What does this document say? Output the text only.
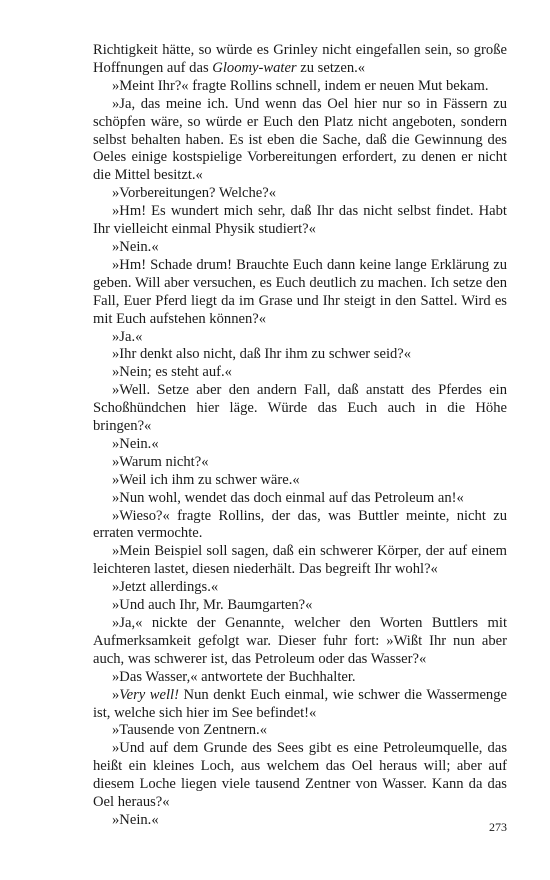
Richtigkeit hätte, so würde es Grinley nicht eingefallen sein, so große Hoffnungen auf das Gloomy-water zu setzen.«

»Meint Ihr?« fragte Rollins schnell, indem er neuen Mut bekam.

»Ja, das meine ich. Und wenn das Oel hier nur so in Fässern zu schöpfen wäre, so würde er Euch den Platz nicht angeboten, sondern selbst behalten haben. Es ist eben die Sache, daß die Gewinnung des Oeles einige kostspielige Vorbereitungen erfordert, zu denen er nicht die Mittel besitzt.«

»Vorbereitungen? Welche?«

»Hm! Es wundert mich sehr, daß Ihr das nicht selbst findet. Habt Ihr vielleicht einmal Physik studiert?«

»Nein.«

»Hm! Schade drum! Brauchte Euch dann keine lange Erklärung zu geben. Will aber versuchen, es Euch deutlich zu machen. Ich setze den Fall, Euer Pferd liegt da im Grase und Ihr steigt in den Sattel. Wird es mit Euch aufstehen können?«

»Ja.«

»Ihr denkt also nicht, daß Ihr ihm zu schwer seid?«

»Nein; es steht auf.«

»Well. Setze aber den andern Fall, daß anstatt des Pferdes ein Schoßhündchen hier läge. Würde das Euch auch in die Höhe bringen?«

»Nein.«

»Warum nicht?«

»Weil ich ihm zu schwer wäre.«

»Nun wohl, wendet das doch einmal auf das Petroleum an!«

»Wieso?« fragte Rollins, der das, was Buttler meinte, nicht zu erraten vermochte.

»Mein Beispiel soll sagen, daß ein schwerer Körper, der auf einem leichteren lastet, diesen niederhält. Das begreift Ihr wohl?«

»Jetzt allerdings.«

»Und auch Ihr, Mr. Baumgarten?«

»Ja,« nickte der Genannte, welcher den Worten Buttlers mit Aufmerksamkeit gefolgt war. Dieser fuhr fort: »Wißt Ihr nun aber auch, was schwerer ist, das Petroleum oder das Wasser?«

»Das Wasser,« antwortete der Buchhalter.

»Very well! Nun denkt Euch einmal, wie schwer die Wassermenge ist, welche sich hier im See befindet!«

»Tausende von Zentnern.«

»Und auf dem Grunde des Sees gibt es eine Petroleumquelle, das heißt ein kleines Loch, aus welchem das Oel heraus will; aber auf diesem Loche liegen viele tausend Zentner von Wasser. Kann da das Oel heraus?«

»Nein.«	273
